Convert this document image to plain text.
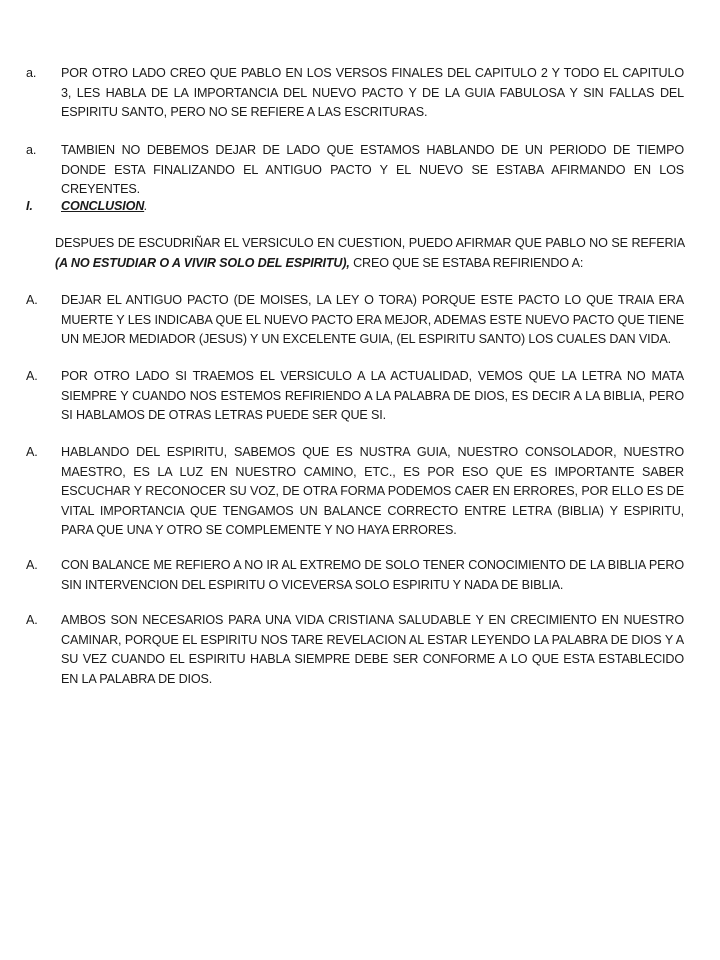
a.	POR OTRO LADO CREO QUE PABLO EN LOS VERSOS FINALES DEL CAPITULO 2 Y TODO EL CAPITULO 3, LES HABLA DE LA IMPORTANCIA DEL NUEVO PACTO Y DE LA GUIA FABULOSA Y SIN FALLAS DEL ESPIRITU SANTO, PERO NO SE REFIERE A LAS ESCRITURAS.
a.	TAMBIEN NO DEBEMOS DEJAR DE LADO QUE ESTAMOS HABLANDO DE UN PERIODO DE TIEMPO DONDE ESTA FINALIZANDO EL ANTIGUO PACTO Y EL NUEVO SE ESTABA AFIRMANDO EN LOS CREYENTES.
I.	CONCLUSION.
DESPUES DE ESCUDRIÑAR EL VERSICULO EN CUESTION, PUEDO AFIRMAR QUE PABLO NO SE REFERIA (A NO ESTUDIAR O A VIVIR SOLO DEL ESPIRITU), CREO QUE SE ESTABA REFIRIENDO A:
A.	DEJAR EL ANTIGUO PACTO (DE MOISES, LA LEY O TORA) PORQUE ESTE PACTO LO QUE TRAIA ERA MUERTE Y LES INDICABA QUE EL NUEVO PACTO ERA MEJOR, ADEMAS ESTE NUEVO PACTO QUE TIENE UN MEJOR MEDIADOR (JESUS) Y UN EXCELENTE GUIA, (EL ESPIRITU SANTO) LOS CUALES DAN VIDA.
A.	POR OTRO LADO SI TRAEMOS EL VERSICULO A LA ACTUALIDAD, VEMOS QUE LA LETRA NO MATA SIEMPRE Y CUANDO NOS ESTEMOS REFIRIENDO A LA PALABRA DE DIOS, ES DECIR A LA BIBLIA, PERO SI HABLAMOS DE OTRAS LETRAS PUEDE SER QUE SI.
A.	HABLANDO DEL ESPIRITU, SABEMOS QUE ES NUSTRA GUIA, NUESTRO CONSOLADOR, NUESTRO MAESTRO, ES LA LUZ EN NUESTRO CAMINO, ETC., ES POR ESO QUE ES IMPORTANTE SABER ESCUCHAR Y RECONOCER SU VOZ, DE OTRA FORMA PODEMOS CAER EN ERRORES, POR ELLO ES DE VITAL IMPORTANCIA QUE TENGAMOS UN BALANCE CORRECTO ENTRE LETRA (BIBLIA) Y ESPIRITU, PARA QUE UNA Y OTRO SE COMPLEMENTE Y NO HAYA ERRORES.
A.	CON BALANCE ME REFIERO A NO IR AL EXTREMO DE SOLO TENER CONOCIMIENTO DE LA BIBLIA PERO SIN INTERVENCION DEL ESPIRITU O VICEVERSA SOLO ESPIRITU Y NADA DE BIBLIA.
A.	AMBOS SON NECESARIOS PARA UNA VIDA CRISTIANA SALUDABLE Y EN CRECIMIENTO EN NUESTRO CAMINAR, PORQUE EL ESPIRITU NOS TARE REVELACION AL ESTAR LEYENDO LA PALABRA DE DIOS Y A SU VEZ CUANDO EL ESPIRITU HABLA SIEMPRE DEBE SER CONFORME A LO QUE ESTA ESTABLECIDO EN LA PALABRA DE DIOS.
